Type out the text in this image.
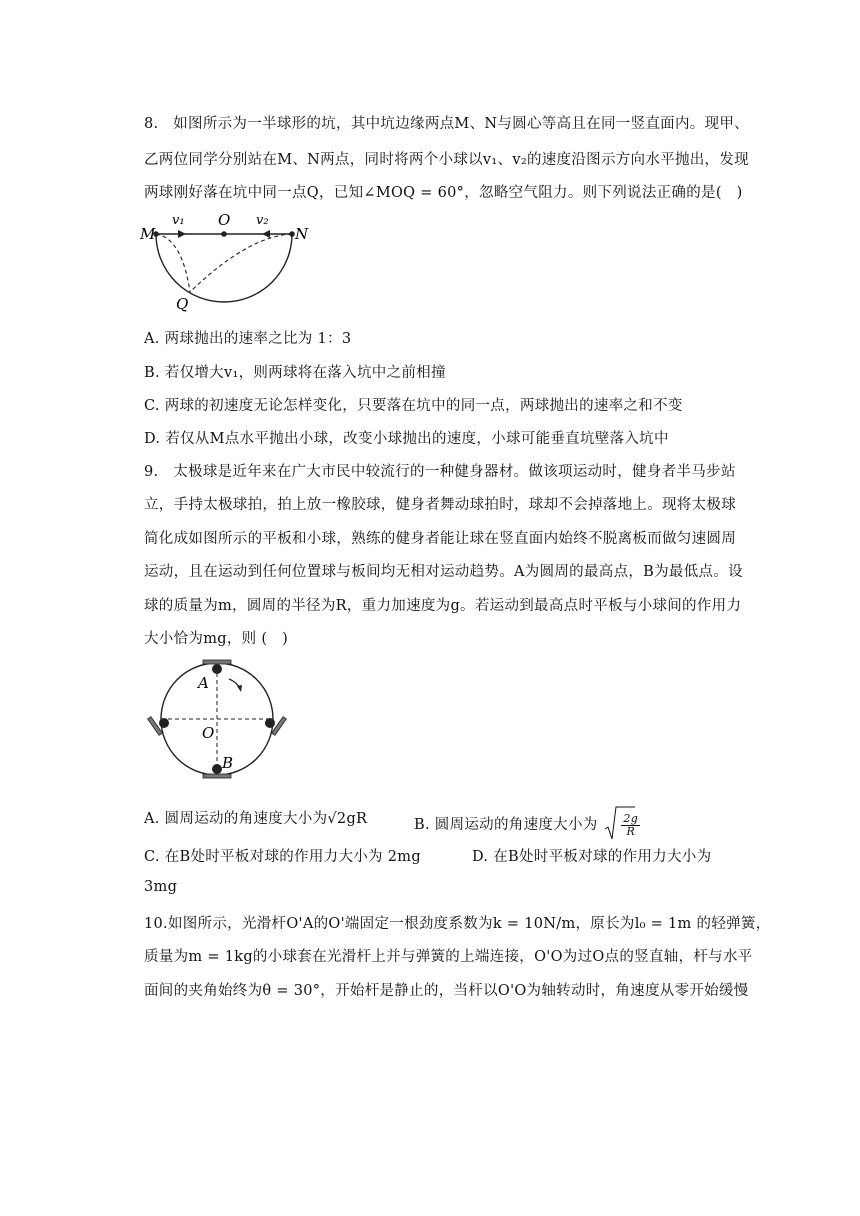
8.　如图所示为一半球形的坑，其中坑边缘两点M、N与圆心等高且在同一竖直面内。现甲、
乙两位同学分别站在M、N两点，同时将两个小球以v₁、v₂的速度沿图示方向水平抛出，发现
两球刚好落在坑中同一点Q，已知∠MOQ = 60°，忽略空气阻力。则下列说法正确的是(　)
M	N
O
v₁	v₂
Q
A. 两球抛出的速率之比为 1：3
B. 若仅增大v₁，则两球将在落入坑中之前相撞
C. 两球的初速度无论怎样变化，只要落在坑中的同一点，两球抛出的速率之和不变
D. 若仅从M点水平抛出小球，改变小球抛出的速度，小球可能垂直坑壁落入坑中
9.　太极球是近年来在广大市民中较流行的一种健身器材。做该项运动时，健身者半马步站
立，手持太极球拍，拍上放一橡胶球，健身者舞动球拍时，球却不会掉落地上。现将太极球
简化成如图所示的平板和小球，熟练的健身者能让球在竖直面内始终不脱离板而做匀速圆周
运动，且在运动到任何位置球与板间均无相对运动趋势。A为圆周的最高点，B为最低点。设
球的质量为m，圆周的半径为R，重力加速度为g。若运动到最高点时平板与小球间的作用力
大小恰为mg，则 (　)
A
O
B
A. 圆周运动的角速度大小为√2gR	B. 圆周运动的角速度大小为 $\frac{2g}{R}$
C. 在B处时平板对球的作用力大小为 2mg	D. 在B处时平板对球的作用力大小为
3mg
10.如图所示，光滑杆O'A的O'端固定一根劲度系数为k = 10N/m，原长为l₀ = 1m 的轻弹簧，
质量为m = 1kg的小球套在光滑杆上并与弹簧的上端连接，O'O为过O点的竖直轴，杆与水平
面间的夹角始终为θ = 30°，开始杆是静止的，当杆以O'O为轴转动时，角速度从零开始缓慢
